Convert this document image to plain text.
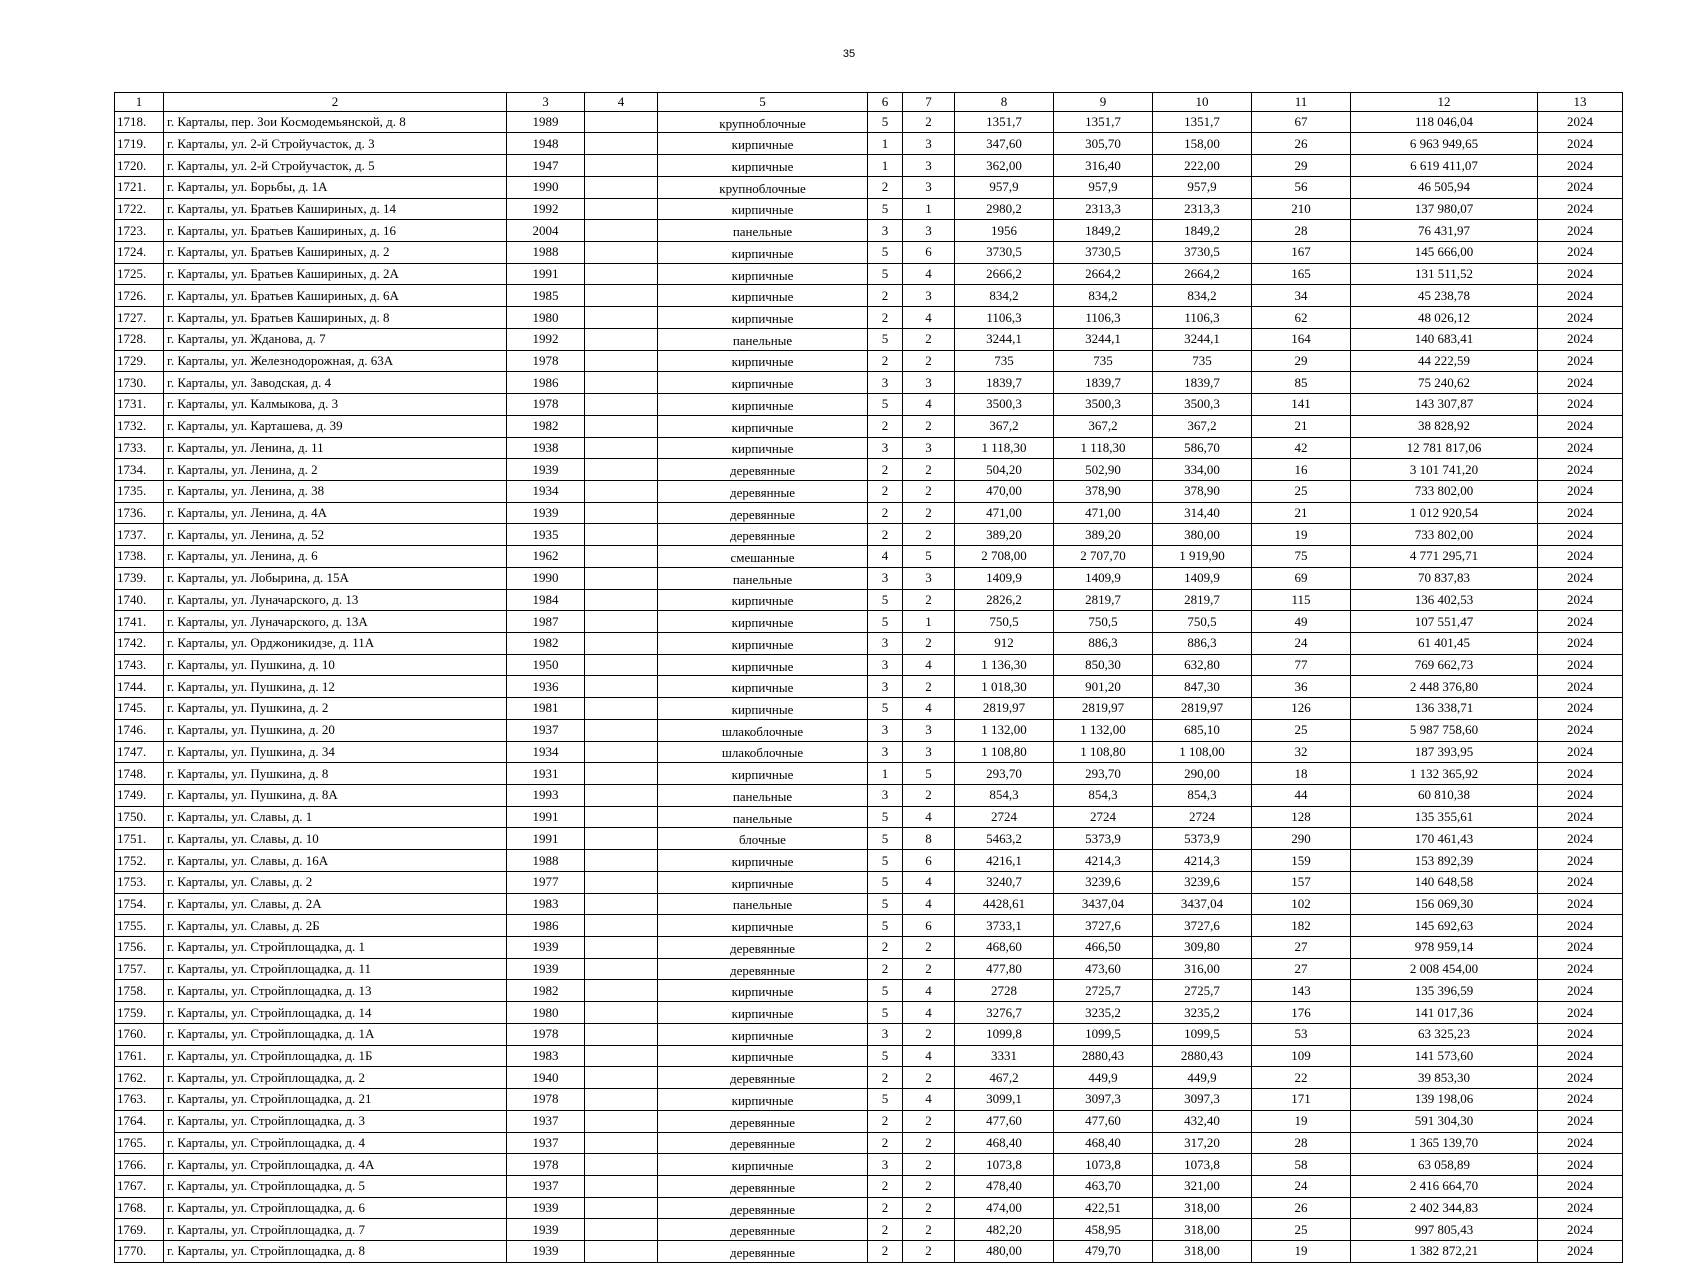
35
1	2	3	4	5	6	7	8	9	10	11	12	13
1718.	г. Карталы, пер. Зои Космодемьянской, д. 8	1989		крупноблочные	5	2	1351,7	1351,7	1351,7	67	118 046,04	2024
1719.	г. Карталы, ул. 2-й Стройучасток, д. 3	1948		кирпичные	1	3	347,60	305,70	158,00	26	6 963 949,65	2024
1720.	г. Карталы, ул. 2-й Стройучасток, д. 5	1947		кирпичные	1	3	362,00	316,40	222,00	29	6 619 411,07	2024
1721.	г. Карталы, ул. Борьбы, д. 1А	1990		крупноблочные	2	3	957,9	957,9	957,9	56	46 505,94	2024
1722.	г. Карталы, ул. Братьев Кашириных, д. 14	1992		кирпичные	5	1	2980,2	2313,3	2313,3	210	137 980,07	2024
1723.	г. Карталы, ул. Братьев Кашириных, д. 16	2004		панельные	3	3	1956	1849,2	1849,2	28	76 431,97	2024
1724.	г. Карталы, ул. Братьев Кашириных, д. 2	1988		кирпичные	5	6	3730,5	3730,5	3730,5	167	145 666,00	2024
1725.	г. Карталы, ул. Братьев Кашириных, д. 2А	1991		кирпичные	5	4	2666,2	2664,2	2664,2	165	131 511,52	2024
1726.	г. Карталы, ул. Братьев Кашириных, д. 6А	1985		кирпичные	2	3	834,2	834,2	834,2	34	45 238,78	2024
1727.	г. Карталы, ул. Братьев Кашириных, д. 8	1980		кирпичные	2	4	1106,3	1106,3	1106,3	62	48 026,12	2024
1728.	г. Карталы, ул. Жданова, д. 7	1992		панельные	5	2	3244,1	3244,1	3244,1	164	140 683,41	2024
1729.	г. Карталы, ул. Железнодорожная, д. 63А	1978		кирпичные	2	2	735	735	735	29	44 222,59	2024
1730.	г. Карталы, ул. Заводская, д. 4	1986		кирпичные	3	3	1839,7	1839,7	1839,7	85	75 240,62	2024
1731.	г. Карталы, ул. Калмыкова, д. 3	1978		кирпичные	5	4	3500,3	3500,3	3500,3	141	143 307,87	2024
1732.	г. Карталы, ул. Карташева, д. 39	1982		кирпичные	2	2	367,2	367,2	367,2	21	38 828,92	2024
1733.	г. Карталы, ул. Ленина, д. 11	1938		кирпичные	3	3	1 118,30	1 118,30	586,70	42	12 781 817,06	2024
1734.	г. Карталы, ул. Ленина, д. 2	1939		деревянные	2	2	504,20	502,90	334,00	16	3 101 741,20	2024
1735.	г. Карталы, ул. Ленина, д. 38	1934		деревянные	2	2	470,00	378,90	378,90	25	733 802,00	2024
1736.	г. Карталы, ул. Ленина, д. 4А	1939		деревянные	2	2	471,00	471,00	314,40	21	1 012 920,54	2024
1737.	г. Карталы, ул. Ленина, д. 52	1935		деревянные	2	2	389,20	389,20	380,00	19	733 802,00	2024
1738.	г. Карталы, ул. Ленина, д. 6	1962		смешанные	4	5	2 708,00	2 707,70	1 919,90	75	4 771 295,71	2024
1739.	г. Карталы, ул. Лобырина, д. 15А	1990		панельные	3	3	1409,9	1409,9	1409,9	69	70 837,83	2024
1740.	г. Карталы, ул. Луначарского, д. 13	1984		кирпичные	5	2	2826,2	2819,7	2819,7	115	136 402,53	2024
1741.	г. Карталы, ул. Луначарского, д. 13А	1987		кирпичные	5	1	750,5	750,5	750,5	49	107 551,47	2024
1742.	г. Карталы, ул. Орджоникидзе, д. 11А	1982		кирпичные	3	2	912	886,3	886,3	24	61 401,45	2024
1743.	г. Карталы, ул. Пушкина, д. 10	1950		кирпичные	3	4	1 136,30	850,30	632,80	77	769 662,73	2024
1744.	г. Карталы, ул. Пушкина, д. 12	1936		кирпичные	3	2	1 018,30	901,20	847,30	36	2 448 376,80	2024
1745.	г. Карталы, ул. Пушкина, д. 2	1981		кирпичные	5	4	2819,97	2819,97	2819,97	126	136 338,71	2024
1746.	г. Карталы, ул. Пушкина, д. 20	1937		шлакоблочные	3	3	1 132,00	1 132,00	685,10	25	5 987 758,60	2024
1747.	г. Карталы, ул. Пушкина, д. 34	1934		шлакоблочные	3	3	1 108,80	1 108,80	1 108,00	32	187 393,95	2024
1748.	г. Карталы, ул. Пушкина, д. 8	1931		кирпичные	1	5	293,70	293,70	290,00	18	1 132 365,92	2024
1749.	г. Карталы, ул. Пушкина, д. 8А	1993		панельные	3	2	854,3	854,3	854,3	44	60 810,38	2024
1750.	г. Карталы, ул. Славы, д. 1	1991		панельные	5	4	2724	2724	2724	128	135 355,61	2024
1751.	г. Карталы, ул. Славы, д. 10	1991		блочные	5	8	5463,2	5373,9	5373,9	290	170 461,43	2024
1752.	г. Карталы, ул. Славы, д. 16А	1988		кирпичные	5	6	4216,1	4214,3	4214,3	159	153 892,39	2024
1753.	г. Карталы, ул. Славы, д. 2	1977		кирпичные	5	4	3240,7	3239,6	3239,6	157	140 648,58	2024
1754.	г. Карталы, ул. Славы, д. 2А	1983		панельные	5	4	4428,61	3437,04	3437,04	102	156 069,30	2024
1755.	г. Карталы, ул. Славы, д. 2Б	1986		кирпичные	5	6	3733,1	3727,6	3727,6	182	145 692,63	2024
1756.	г. Карталы, ул. Стройплощадка, д. 1	1939		деревянные	2	2	468,60	466,50	309,80	27	978 959,14	2024
1757.	г. Карталы, ул. Стройплощадка, д. 11	1939		деревянные	2	2	477,80	473,60	316,00	27	2 008 454,00	2024
1758.	г. Карталы, ул. Стройплощадка, д. 13	1982		кирпичные	5	4	2728	2725,7	2725,7	143	135 396,59	2024
1759.	г. Карталы, ул. Стройплощадка, д. 14	1980		кирпичные	5	4	3276,7	3235,2	3235,2	176	141 017,36	2024
1760.	г. Карталы, ул. Стройплощадка, д. 1А	1978		кирпичные	3	2	1099,8	1099,5	1099,5	53	63 325,23	2024
1761.	г. Карталы, ул. Стройплощадка, д. 1Б	1983		кирпичные	5	4	3331	2880,43	2880,43	109	141 573,60	2024
1762.	г. Карталы, ул. Стройплощадка, д. 2	1940		деревянные	2	2	467,2	449,9	449,9	22	39 853,30	2024
1763.	г. Карталы, ул. Стройплощадка, д. 21	1978		кирпичные	5	4	3099,1	3097,3	3097,3	171	139 198,06	2024
1764.	г. Карталы, ул. Стройплощадка, д. 3	1937		деревянные	2	2	477,60	477,60	432,40	19	591 304,30	2024
1765.	г. Карталы, ул. Стройплощадка, д. 4	1937		деревянные	2	2	468,40	468,40	317,20	28	1 365 139,70	2024
1766.	г. Карталы, ул. Стройплощадка, д. 4А	1978		кирпичные	3	2	1073,8	1073,8	1073,8	58	63 058,89	2024
1767.	г. Карталы, ул. Стройплощадка, д. 5	1937		деревянные	2	2	478,40	463,70	321,00	24	2 416 664,70	2024
1768.	г. Карталы, ул. Стройплощадка, д. 6	1939		деревянные	2	2	474,00	422,51	318,00	26	2 402 344,83	2024
1769.	г. Карталы, ул. Стройплощадка, д. 7	1939		деревянные	2	2	482,20	458,95	318,00	25	997 805,43	2024
1770.	г. Карталы, ул. Стройплощадка, д. 8	1939		деревянные	2	2	480,00	479,70	318,00	19	1 382 872,21	2024
